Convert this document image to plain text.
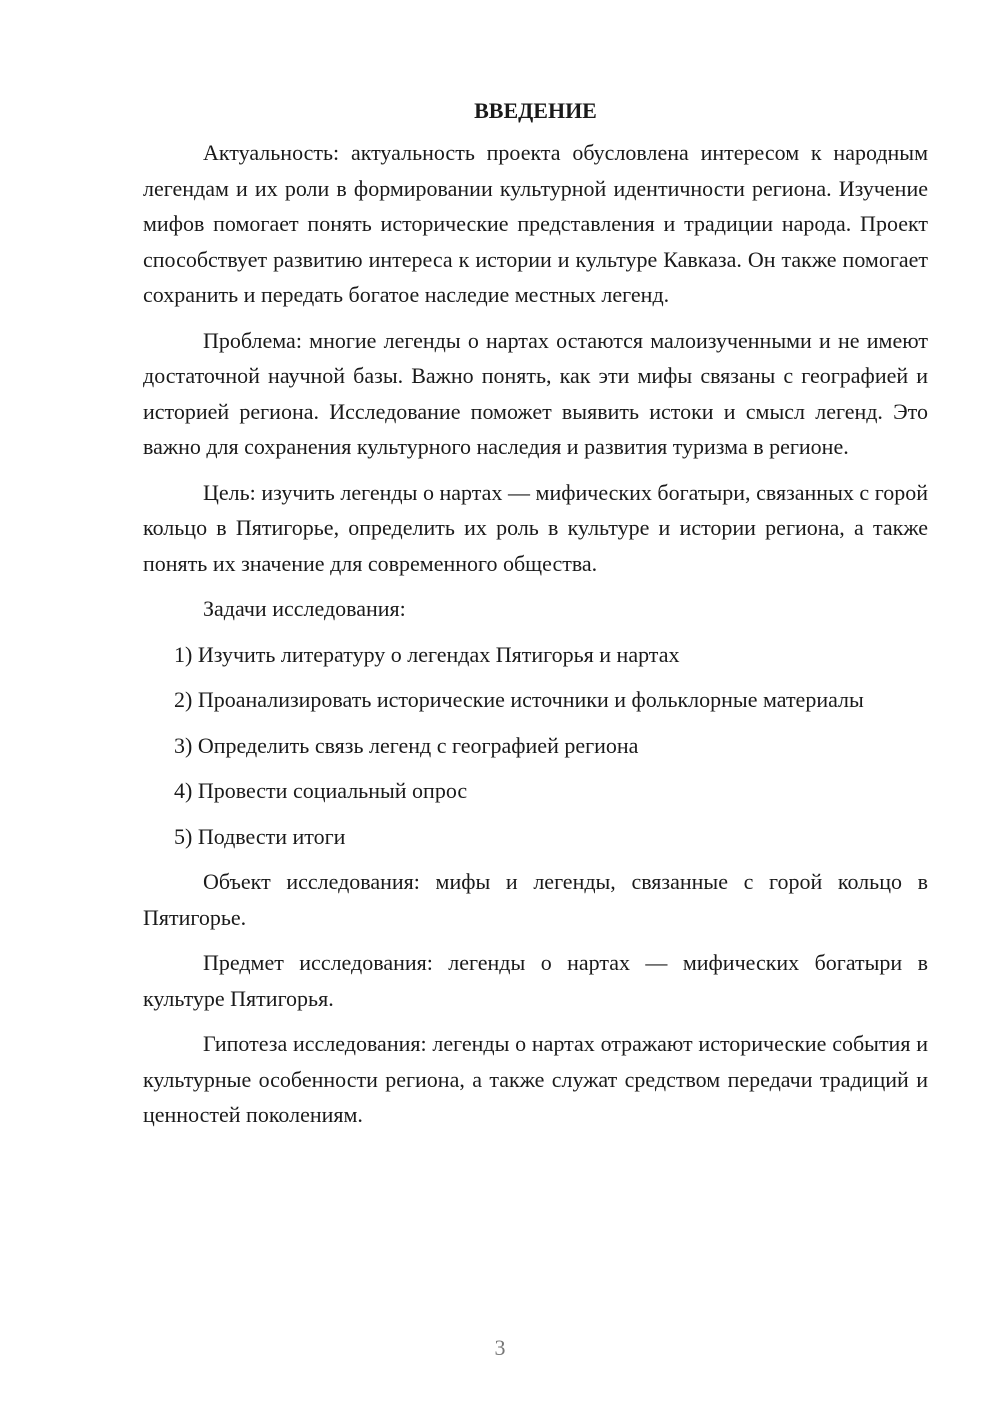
ВВЕДЕНИЕ

Актуальность: актуальность проекта обусловлена интересом к народным легендам и их роли в формировании культурной идентичности региона. Изучение мифов помогает понять исторические представления и традиции народа. Проект способствует развитию интереса к истории и культуре Кавказа. Он также помогает сохранить и передать богатое наследие местных легенд.

Проблема: многие легенды о нартах остаются малоизученными и не имеют достаточной научной базы. Важно понять, как эти мифы связаны с географией и историей региона. Исследование поможет выявить истоки и смысл легенд. Это важно для сохранения культурного наследия и развития туризма в регионе.

Цель: изучить легенды о нартах — мифических богатыри, связанных с горой кольцо в Пятигорье, определить их роль в культуре и истории региона, а также понять их значение для современного общества.

Задачи исследования:

1) Изучить литературу о легендах Пятигорья и нартах

2) Проанализировать исторические источники и фольклорные материалы

3) Определить связь легенд с географией региона

4) Провести социальный опрос

5) Подвести итоги

Объект исследования: мифы и легенды, связанные с горой кольцо в Пятигорье.

Предмет исследования: легенды о нартах — мифических богатыри в культуре Пятигорья.

Гипотеза исследования: легенды о нартах отражают исторические события и культурные особенности региона, а также служат средством передачи традиций и ценностей поколениям.

3
